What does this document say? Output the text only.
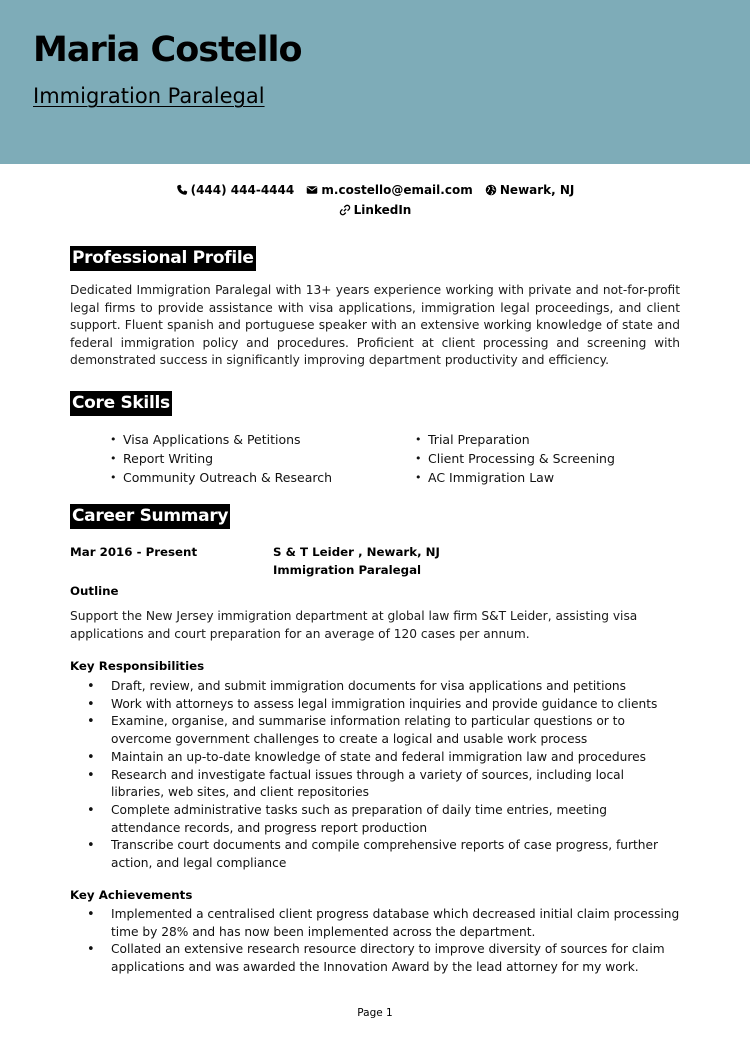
Maria Costello
Immigration Paralegal
(444) 444-4444
m.costello@email.com
Newark, NJ
LinkedIn
Professional Profile

Dedicated Immigration Paralegal with 13+ years experience working with private and not-for-profit legal firms to provide assistance with visa applications, immigration legal proceedings, and client support. Fluent spanish and portuguese speaker with an extensive working knowledge of state and federal immigration policy and procedures. Proficient at client processing and screening with demonstrated success in significantly improving department productivity and efficiency.

Core Skills
• Visa Applications & Petitions
• Report Writing
• Community Outreach & Research
• Trial Preparation
• Client Processing & Screening
• AC Immigration Law
Career Summary
Mar 2016 - Present	S & T Leider , Newark, NJ
Immigration Paralegal
Outline

Support the New Jersey immigration department at global law firm S&T Leider, assisting visa applications and court preparation for an average of 120 cases per annum.

Key Responsibilities
• Draft, review, and submit immigration documents for visa applications and petitions
• Work with attorneys to assess legal immigration inquiries and provide guidance to clients
• Examine, organise, and summarise information relating to particular questions or to overcome government challenges to create a logical and usable work process
• Maintain an up-to-date knowledge of state and federal immigration law and procedures
• Research and investigate factual issues through a variety of sources, including local libraries, web sites, and client repositories
• Complete administrative tasks such as preparation of daily time entries, meeting attendance records, and progress report production
• Transcribe court documents and compile comprehensive reports of case progress, further action, and legal compliance
Key Achievements
• Implemented a centralised client progress database which decreased initial claim processing time by 28% and has now been implemented across the department.
• Collated an extensive research resource directory to improve diversity of sources for claim applications and was awarded the Innovation Award by the lead attorney for my work.
Page 1
